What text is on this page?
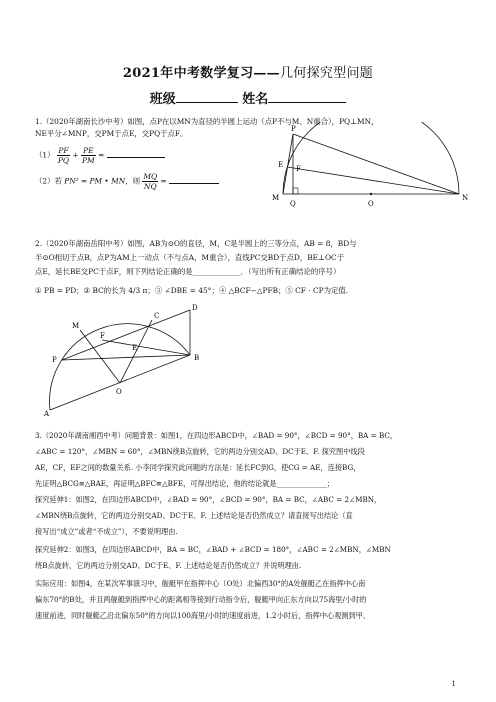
2021年中考数学复习——几何探究型问题
班级	姓名
1.（2020年湖南长沙中考）如图，点P在以MN为直径的半圆上运动（点P不与M、N重合），PQ⊥MN，
NE平分∠MNP，交PM于点E，交PQ于点F。
$(1) \frac{PF}{PQ} + \frac{PE}{PM}$ =
（2）若 PN² = PM • MN，则 $\frac{MQ}{NQ}$ =
P
E F
M
Q	O
N
2.（2020年湖南岳阳中考）如图，AB为⊙O的直径，M，C是半圆上的三等分点，AB = 8，BD与
半⊙O相切于点B，点P为AM上一动点（不与点A，M重合），直线PC交BD于点D，BE⊥OC于
点E，延长BE交PC于点F，则下列结论正确的是_____________．（写出所有正确结论的序号）
① PB = PD；② BC的长为 4/3 π；③ ∠DBE = 45°；④ △BCF∽△PFB；⑤ CF · CP为定值.
M
P
F
A
E
C
D
B
O
3.（2020年湖南湘西中考）问题背景：如图1，在四边形ABCD中，∠BAD = 90°，∠BCD = 90°，BA = BC，
∠ABC = 120°，∠MBN = 60°，∠MBN绕B点旋转，它的两边分别交AD、DC于E、F. 探究图中线段
AE，CF，EF之间的数量关系. 小李同学探究此问题的方法是：延长FC到G，使CG = AE，连接BG，
先证明△BCG≌△BAE，再证明△BFC≌△BFE，可得出结论，他的结论就是______________；
探究延伸1：如图2，在四边形ABCD中，∠BAD = 90°，∠BCD = 90°，BA = BC，∠ABC = 2∠MBN，
∠MBN绕B点旋转，它的两边分别交AD、DC于E、F. 上述结论是否仍然成立？请直接写出结论（直
接写出“成立”或者“不成立”），不要说明理由.
探究延伸2：如图3，在四边形ABCD中，BA = BC，∠BAD + ∠BCD = 180°，∠ABC = 2∠MBN，∠MBN
绕B点旋转，它的两边分别交AD、DC于E、F. 上述结论是否仍然成立？并说明理由.
实际应用：如图4，在某次军事演习中，舰艇甲在指挥中心（O处）北偏西30°的A处舰艇乙在指挥中心南
偏东70°的B处，并且两舰艇到指挥中心的距离相等接到行动指令后，舰艇甲向正东方向以75海里/小时的
速度前进，同时舰艇乙沿北偏东50°的方向以100海里/小时的速度前进，1.2小时后，指挥中心观测到甲、
1
